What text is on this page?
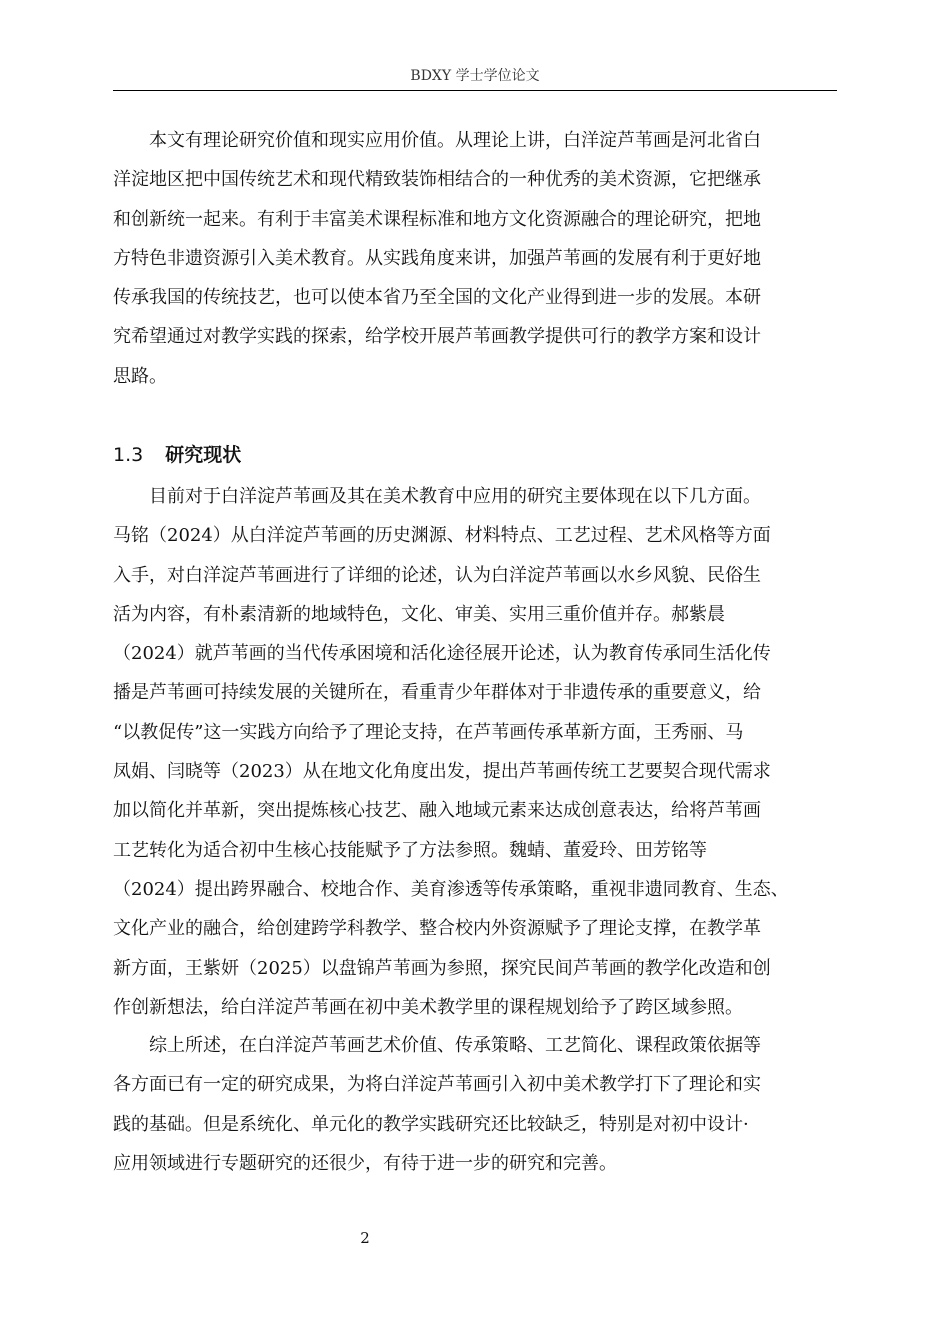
BDXY 学士学位论文
本文有理论研究价值和现实应用价值。从理论上讲，白洋淀芦苇画是河北省白
洋淀地区把中国传统艺术和现代精致装饰相结合的一种优秀的美术资源，它把继承
和创新统一起来。有利于丰富美术课程标准和地方文化资源融合的理论研究，把地
方特色非遗资源引入美术教育。从实践角度来讲，加强芦苇画的发展有利于更好地
传承我国的传统技艺，也可以使本省乃至全国的文化产业得到进一步的发展。本研
究希望通过对教学实践的探索，给学校开展芦苇画教学提供可行的教学方案和设计
思路。
1.3 研究现状
目前对于白洋淀芦苇画及其在美术教育中应用的研究主要体现在以下几方面。
马铭（2024）从白洋淀芦苇画的历史渊源、材料特点、工艺过程、艺术风格等方面
入手，对白洋淀芦苇画进行了详细的论述，认为白洋淀芦苇画以水乡风貌、民俗生
活为内容，有朴素清新的地域特色，文化、审美、实用三重价值并存。郝紫晨
（2024）就芦苇画的当代传承困境和活化途径展开论述，认为教育传承同生活化传
播是芦苇画可持续发展的关键所在，看重青少年群体对于非遗传承的重要意义，给
“以教促传”这一实践方向给予了理论支持，在芦苇画传承革新方面，王秀丽、马
凤娟、闫晓等（2023）从在地文化角度出发，提出芦苇画传统工艺要契合现代需求
加以简化并革新，突出提炼核心技艺、融入地域元素来达成创意表达，给将芦苇画
工艺转化为适合初中生核心技能赋予了方法参照。魏蜻、董爱玲、田芳铭等
（2024）提出跨界融合、校地合作、美育渗透等传承策略，重视非遗同教育、生态、
文化产业的融合，给创建跨学科教学、整合校内外资源赋予了理论支撑，在教学革
新方面，王紫妍（2025）以盘锦芦苇画为参照，探究民间芦苇画的教学化改造和创
作创新想法，给白洋淀芦苇画在初中美术教学里的课程规划给予了跨区域参照。
综上所述，在白洋淀芦苇画艺术价值、传承策略、工艺简化、课程政策依据等
各方面已有一定的研究成果，为将白洋淀芦苇画引入初中美术教学打下了理论和实
践的基础。但是系统化、单元化的教学实践研究还比较缺乏，特别是对初中设计·
应用领域进行专题研究的还很少，有待于进一步的研究和完善。
2
